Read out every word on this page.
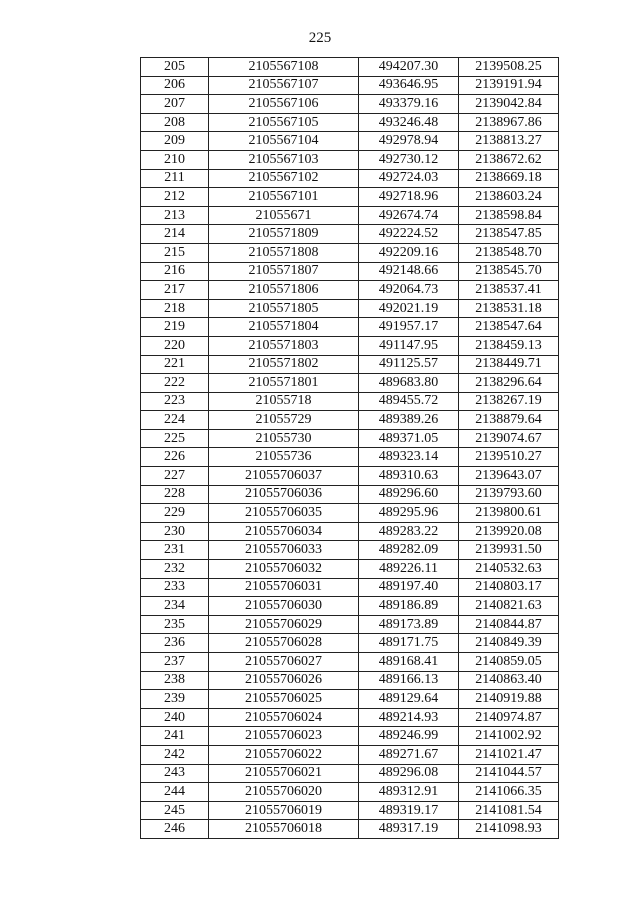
225
205	2105567108	494207.30	2139508.25
206	2105567107	493646.95	2139191.94
207	2105567106	493379.16	2139042.84
208	2105567105	493246.48	2138967.86
209	2105567104	492978.94	2138813.27
210	2105567103	492730.12	2138672.62
211	2105567102	492724.03	2138669.18
212	2105567101	492718.96	2138603.24
213	21055671	492674.74	2138598.84
214	2105571809	492224.52	2138547.85
215	2105571808	492209.16	2138548.70
216	2105571807	492148.66	2138545.70
217	2105571806	492064.73	2138537.41
218	2105571805	492021.19	2138531.18
219	2105571804	491957.17	2138547.64
220	2105571803	491147.95	2138459.13
221	2105571802	491125.57	2138449.71
222	2105571801	489683.80	2138296.64
223	21055718	489455.72	2138267.19
224	21055729	489389.26	2138879.64
225	21055730	489371.05	2139074.67
226	21055736	489323.14	2139510.27
227	21055706037	489310.63	2139643.07
228	21055706036	489296.60	2139793.60
229	21055706035	489295.96	2139800.61
230	21055706034	489283.22	2139920.08
231	21055706033	489282.09	2139931.50
232	21055706032	489226.11	2140532.63
233	21055706031	489197.40	2140803.17
234	21055706030	489186.89	2140821.63
235	21055706029	489173.89	2140844.87
236	21055706028	489171.75	2140849.39
237	21055706027	489168.41	2140859.05
238	21055706026	489166.13	2140863.40
239	21055706025	489129.64	2140919.88
240	21055706024	489214.93	2140974.87
241	21055706023	489246.99	2141002.92
242	21055706022	489271.67	2141021.47
243	21055706021	489296.08	2141044.57
244	21055706020	489312.91	2141066.35
245	21055706019	489319.17	2141081.54
246	21055706018	489317.19	2141098.93
